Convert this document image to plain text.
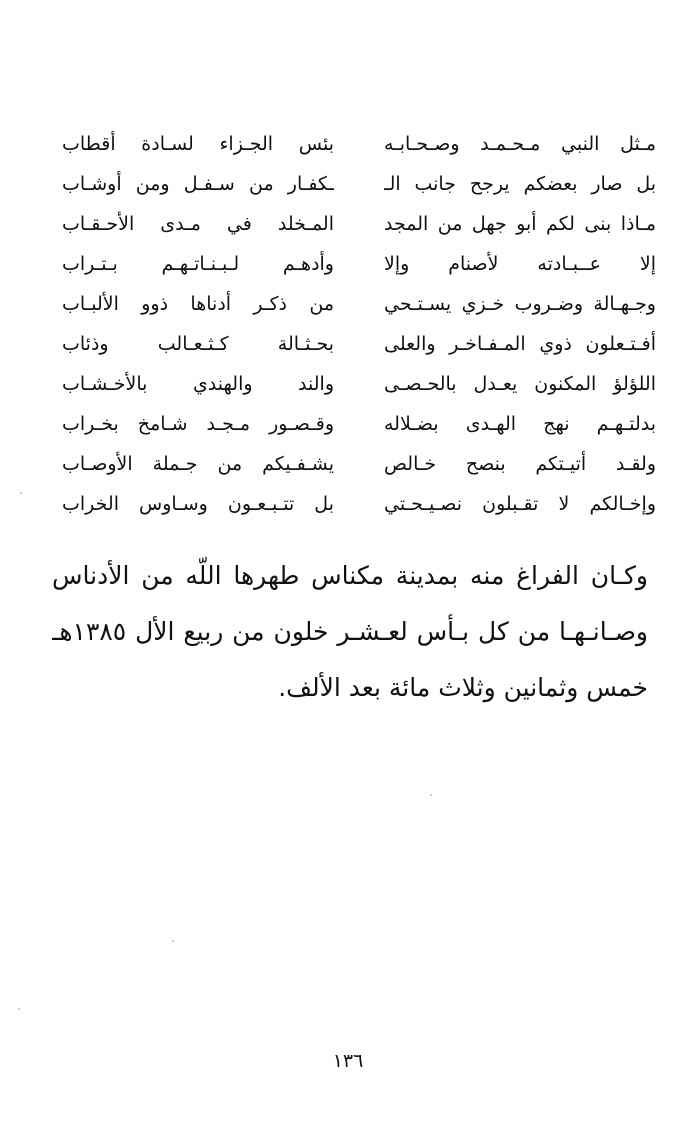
مـثل النبي مـحـمـد وصـحـابـه
بئس الجـزاء لسـادة أقطاب
بل صار بعضكم يرجح جانب الـ
ـكفـار من سـفـل ومن أوشـاب
مـاذا بنى لكم أبو جهل من المجد
المـخلد في مـدى الأحـقـاب
إلا عــبـادته لأصنام وإلا
وأدهـم لـبـنـاتـهـم بـتـراب
وجـهـالة وضـروب خـزي يسـتـحي
من ذكـر أدناها ذوو الألبـاب
أفـتـعلون ذوي المـفـاخـر والعلى
بحـثـالة كـثـعـالب وذئاب
اللؤلؤ المكنون يعـدل بالحـصـى
والند والهندي بالأخـشـاب
بدلتـهـم نهج الهـدى بضـلاله
وقـصـور مـجـد شـامخ بخـراب
ولقـد أتيـتكم بنصح خـالص
يشـفـيكم من جـملة الأوصـاب
وإخـالكم لا تقـبلون نصـيـحـتي
بل تتـبـعـون وسـاوس الخراب
وكـان الفراغ منه بمدينة مكناس طهرها اللّه من الأدناس
وصـانـهـا من كل بـأس لعـشـر خلون من ربيع الأل ١٣٨٥هـ
خمس وثمانين وثلاث مائة بعد الألف.
١٣٦
